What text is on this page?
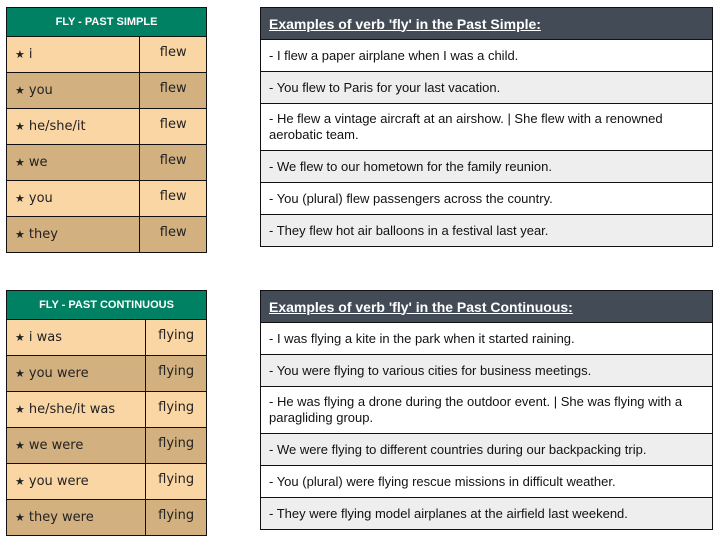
FLY - PAST SIMPLE	
★ i	flew
★ you	flew
★ he/she/it	flew
★ we	flew
★ you	flew
★ they	flew
Examples of verb 'fly' in the Past Simple:
- I flew a paper airplane when I was a child.
- You flew to Paris for your last vacation.
- He flew a vintage aircraft at an airshow. | She flew with a renowned aerobatic team.
- We flew to our hometown for the family reunion.
- You (plural) flew passengers across the country.
- They flew hot air balloons in a festival last year.
FLY - PAST CONTINUOUS	
★ i was	flying
★ you were	flying
★ he/she/it was	flying
★ we were	flying
★ you were	flying
★ they were	flying
Examples of verb 'fly' in the Past Continuous:
- I was flying a kite in the park when it started raining.
- You were flying to various cities for business meetings.
- He was flying a drone during the outdoor event. | She was flying with a paragliding group.
- We were flying to different countries during our backpacking trip.
- You (plural) were flying rescue missions in difficult weather.
- They were flying model airplanes at the airfield last weekend.
